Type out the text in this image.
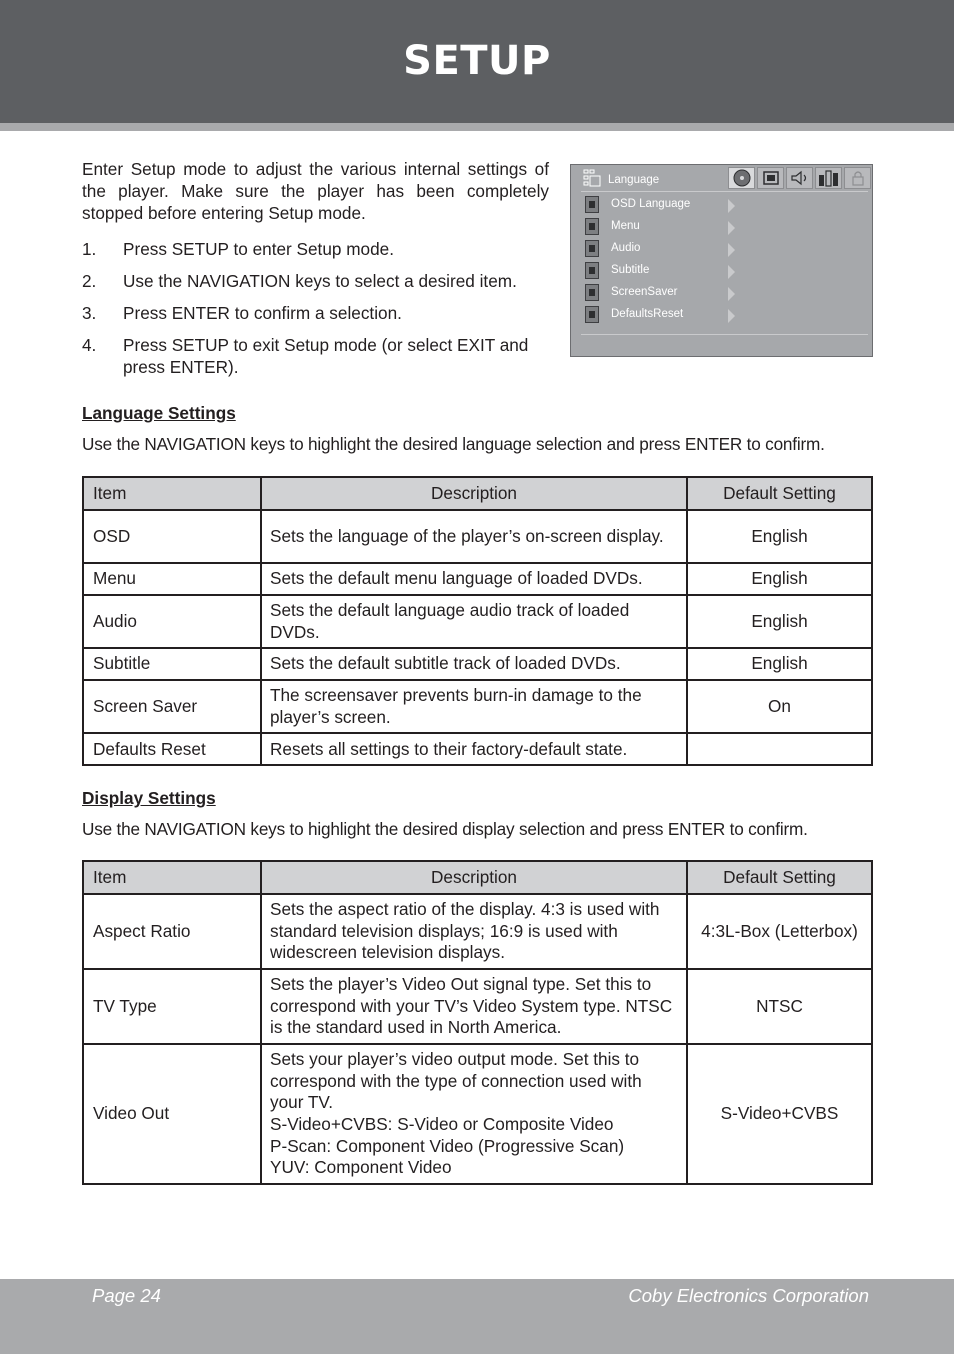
SETUP

Enter Setup mode to adjust the various internal settings of the player. Make sure the player has been completely stopped before entering Setup mode.

1. Press SETUP to enter Setup mode.
2. Use the NAVIGATION keys to select a desired item.
3. Press ENTER to confirm a selection.
4. Press SETUP to exit Setup mode (or select EXIT and press ENTER).
Language
OSD Language
Menu
Audio
Subtitle
ScreenSaver
DefaultsReset
Language Settings

Use the NAVIGATION keys to highlight the desired language selection and press ENTER to confirm.

Item	Description	Default Setting
OSD	Sets the language of the player’s on-screen display.	English
Menu	Sets the default menu language of loaded DVDs.	English
Audio	Sets the default language audio track of loaded DVDs.	English
Subtitle	Sets the default subtitle track of loaded DVDs.	English
Screen Saver	The screensaver prevents burn-in damage to the player’s screen.	On
Defaults Reset	Resets all settings to their factory-default state.	
Display Settings

Use the NAVIGATION keys to highlight the desired display selection and press ENTER to confirm.

Item	Description	Default Setting
Aspect Ratio	Sets the aspect ratio of the display. 4:3 is used with standard television displays; 16:9 is used with widescreen television displays.	4:3L-Box (Letterbox)
TV Type	Sets the player’s Video Out signal type. Set this to correspond with your TV’s Video System type. NTSC is the standard used in North America.	NTSC
Video Out	Sets your player’s video output mode. Set this to correspond with the type of connection used with your TV.
S-Video+CVBS: S-Video or Composite Video
P-Scan: Component Video (Progressive Scan)
YUV: Component Video	S-Video+CVBS
Page 24	Coby Electronics Corporation
